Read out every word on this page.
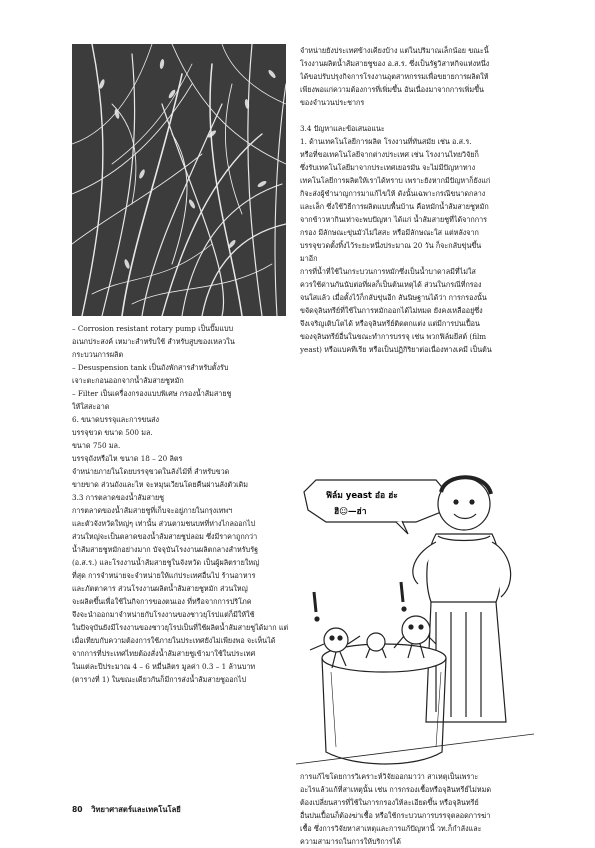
– Corrosion resistant rotary pump เป็นปั๊มแบบ
อเนกประสงค์ เหมาะสำหรับใช้ สำหรับสูบของเหลวใน
กระบวนการผลิต
– Desuspension tank เป็นถังพักสารสำหรับตั้งรับ
เจาะตะกอนออกจากน้ำส้มสายชูหมัก
– Filter เป็นเครื่องกรองแบบพิเศษ กรองน้ำส้มสายชู
ให้ใสสะอาด
6. ขนาดบรรจุและการขนส่ง
บรรจุขวด ขนาด 500 มล.
ขนาด 750 มล.
บรรจุถังหรือไห ขนาด 18 – 20 ลิตร
จำหน่ายภายในโดยบรรจุขวดในลังไม้ที่ สำหรับขวด
ขายขาด ส่วนถังและไห จะหมุนเวียนโดยคืนผ่านลังตัวเดิม
3.3 การตลาดของน้ำส้มสายชู
การตลาดของน้ำส้มสายชูที่เก็บจะอยู่ภายในกรุงเทพฯ
และตัวจังหวัดใหญ่ๆ เท่านั้น ส่วนตามชนบทที่ห่างไกลออกไป
ส่วนใหญ่จะเป็นตลาดของน้ำส้มสายชูปลอม ซึ่งมีราคาถูกกว่า
น้ำส้มสายชูหมักอย่างมาก บัจจุบันโรงงานผลิตกลางสำหรับรัฐ
(อ.ส.ร.) และโรงงานน้ำส้มสายชูในจังหวัด เป็นผู้ผลิตรายใหญ่
ที่สุด การจำหน่ายจะจำหน่ายให้แก่ประเทศอื่นไป ร้านอาหาร
และภัตตาคาร ส่วนโรงงานผลิตน้ำส้มสายชูหมัก ส่วนใหญ่
จะผลิตขึ้นเพื่อใช้ในกิจการของตนเอง ที่หรือจากการปริโภค
จึงจะนำออกมาจำหน่ายกับโรงงานของชาวยุโรปแต่ก็มีให้ใช้
ในปัจจุบันยังมีโรงงานของชาวยุโรปเป็นที่ใช้ผลิตน้ำส้มสายชูได้มาก แต่
เมื่อเทียบกับความต้องการใช้ภายในประเทศยังไม่เพียงพอ จะเห็นได้
จากการที่ประเทศไทยต้องสั่งน้ำส้มสายชูเข้ามาใช้ในประเทศ
ในแต่ละปีประมาณ 4 – 6 หมื่นลิตร มูลค่า 0.3 – 1 ล้านบาท
(ตารางที่ 1) ในขณะเดียวกันก็มีการส่งน้ำส้มสายชูออกไป
จำหน่ายยังประเทศข้างเคียงบ้าง แต่ในปริมาณเล็กน้อย ขณะนี้
โรงงานผลิตน้ำส้มสายชูของ อ.ส.ร. ซึ่งเป็นรัฐวิสาหกิจแห่งหนึ่ง
ได้ขอปรับปรุงกิจการโรงงานอุตสาหกรรมเพื่อขยายการผลิตให้
เพียงพอแก่ความต้องการที่เพิ่มขึ้น อันเนื่องมาจากการเพิ่มขึ้น
ของจำนวนประชากร
3.4 ปัญหาและข้อเสนอแนะ
1. ด้านเทคโนโลยีการผลิต โรงงานที่ทันสมัย เช่น อ.ส.ร.
หรือที่ขอเทคโนโลยีจากต่างประเทศ เช่น โรงงานไทยวิจัยก็
ซึ่งรับเทคโนโลยีมาจากประเทศเยอรมัน จะไม่มีปัญหาทาง
เทคโนโลยีการผลิตให้เราได้ทราบ เพราะยังหากมีปัญหาก็ยังแก่
กิจะส่งผู้ชำนาญการมาแก้ไขให้ ดังนั้นเฉพาะกรณีขนาดกลาง
และเล็ก ซึ่งใช้วิธีการผลิตแบบพื้นบ้าน คือหมักน้ำส้มสายชูหมัก
จากข้าวหากินเท่าจะพบปัญหา ได้แก่ น้ำส้มสายชูที่ได้จากการ
กรอง มีลักษณะขุ่นมัวไม่ใสสะ หรือมีลักษณะใส แต่หลังจาก
บรรจุขวดตั้งทิ้งไว้ระยะหนึ่งประมาณ 20 วัน ก็จะกลับขุ่นขึ้น
มาอีก
การที่น้ำที่ใช้ในกระบวนการหมักซึ่งเป็นน้ำบาดาลมีที่ไม่ใส
ควรใช้ด่านกันนับต่อที่ผลก็เป็นต้นเหตุได้ ส่วนในกรณีที่กรอง
จนใสแล้ว เมื่อตั้งไว้ก็กลับขุ่นอีก สันนิษฐานได้ว่า การกรองนั้น
ขจัดจุลินทรีย์ที่ใช้ในการหมักออกได้ไม่หมด ยังคงเหลืออยู่ซึ่ง
จึงเจริญเติบโตได้ หรือจุลินทรีย์ติดตกแต่ง แต่มีการปนเปื้อน
ของจุลินทรีย์อื่นในขณะทำการบรรจุ เช่น พวกฟิล์มยีสต์ (film
yeast) หรือแบคทีเรีย หรือเป็นปฏิกิริยาต่อเนื่องทางเคมี เป็นต้น
ฟิล์ม yeast อ๋อ ฮ่ะ
ฮิ☺—ฮ่า
การแก้ไขโดยการวิเคราะห์วิจัยออกมาว่า สาเหตุเป็นเพราะ
อะไรแล้วแก้ที่สาเหตุนั้น เช่น การกรองเชื้อหรือจุลินทรีย์ไม่หมด
ต้องเปลี่ยนสารที่ใช้ในการกรองให้ละเอียดขึ้น หรือจุลินทรีย์
อื่นปนเปื้อนก็ต้องฆ่าเชื้อ หรือใช้กระบวนการบรรจุตลอดการฆ่า
เชื้อ ซึ่งการวิจัยหาสาเหตุและการแก้ปัญหานี้ วท.ก็กำลังและ
ความสามารถในการให้บริการได้
80 วิทยาศาสตร์และเทคโนโลยี
